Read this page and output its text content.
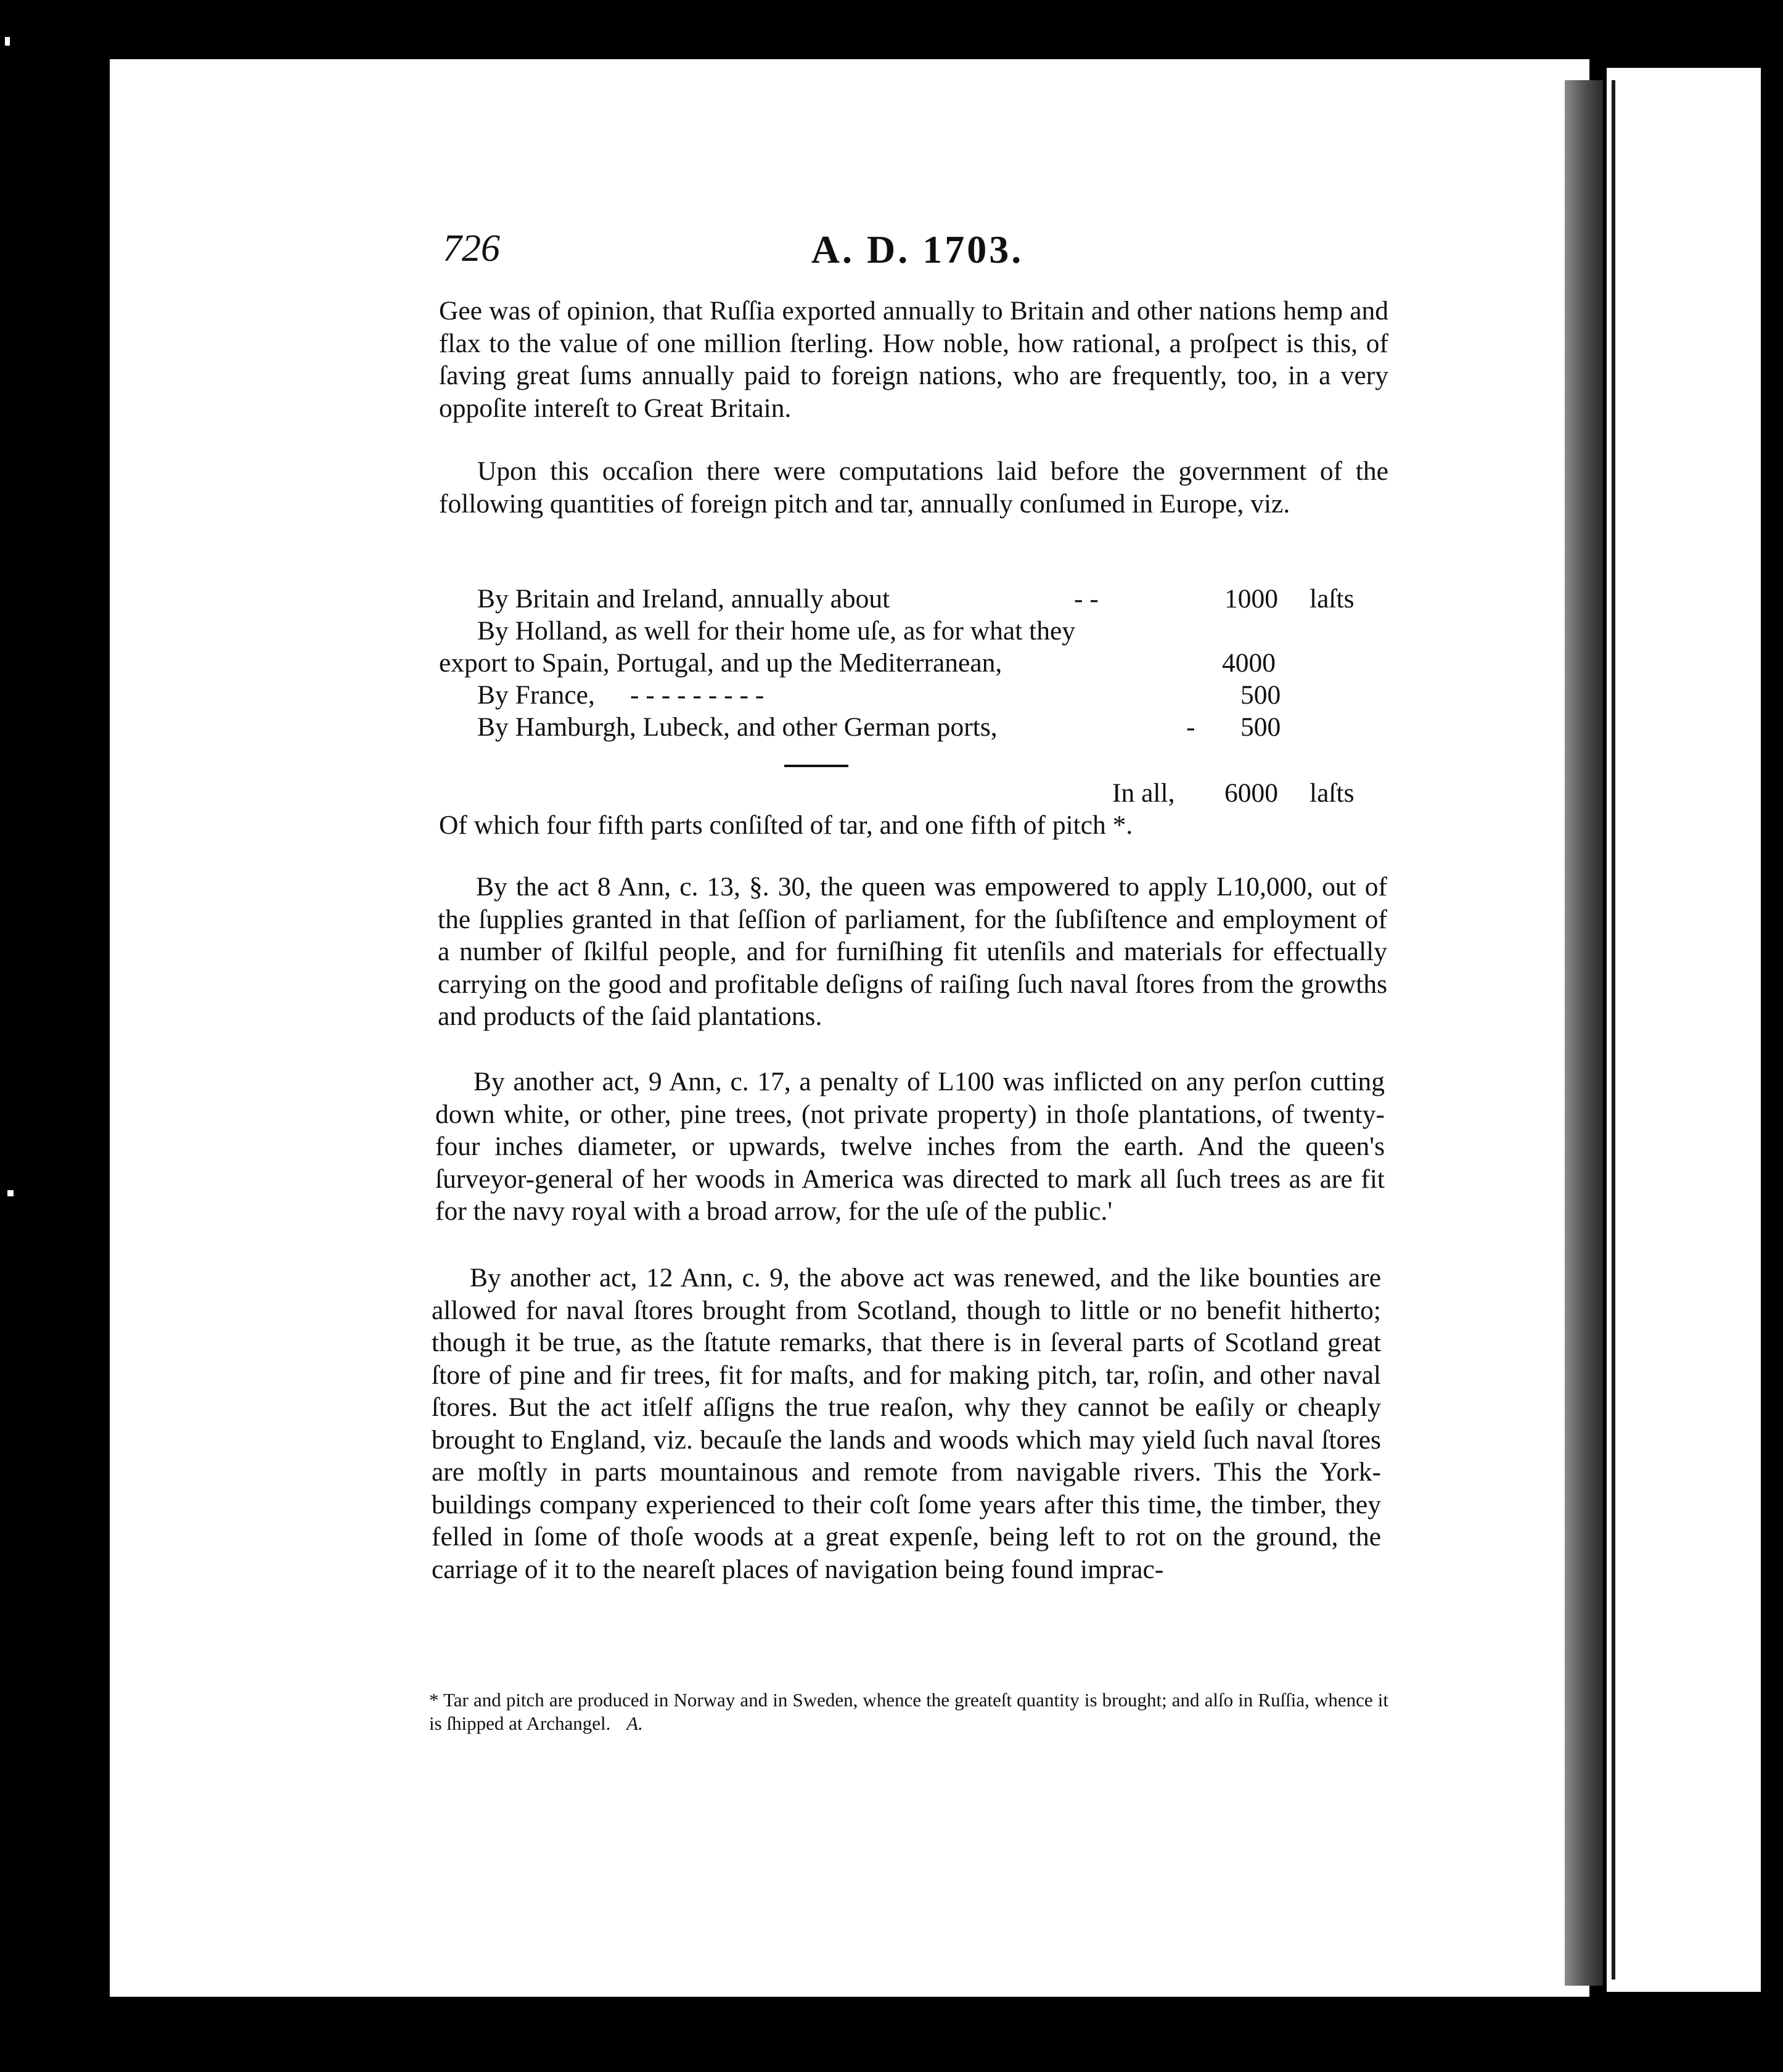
726	A. D. 1703.

Gee was of opinion, that Ruſſia exported annually to Britain and other nations hemp and flax to the value of one million ſterling. How noble, how rational, a proſpect is this, of ſaving great ſums annually paid to foreign nations, who are frequently, too, in a very oppoſite intereſt to Great Britain.

Upon this occaſion there were computations laid before the government of the following quantities of foreign pitch and tar, annually conſumed in Europe, viz.

By Britain and Ireland, annually about	- -	1000 laſts
By Holland, as well for their home uſe, as for what they
export to Spain, Portugal, and up the Mediterranean,	4000
By France, - - - - - - - - -	500
By Hamburgh, Lubeck, and other German ports,	-	500
In all, 6000 laſts

Of which four fifth parts conſiſted of tar, and one fifth of pitch *.

By the act 8 Ann, c. 13, §. 30, the queen was empowered to apply L10,000, out of the ſupplies granted in that ſeſſion of parliament, for the ſubſiſtence and employment of a number of ſkilful people, and for furniſhing fit utenſils and materials for effectually carrying on the good and profitable deſigns of raiſing ſuch naval ſtores from the growths and products of the ſaid plantations.

By another act, 9 Ann, c. 17, a penalty of L100 was inflicted on any perſon cutting down white, or other, pine trees, (not private property) in thoſe plantations, of twenty-four inches diameter, or upwards, twelve inches from the earth. And the queen's ſurveyor-general of her woods in America was directed to mark all ſuch trees as are fit for the navy royal with a broad arrow, for the uſe of the public.'

By another act, 12 Ann, c. 9, the above act was renewed, and the like bounties are allowed for naval ſtores brought from Scotland, though to little or no benefit hitherto; though it be true, as the ſtatute remarks, that there is in ſeveral parts of Scotland great ſtore of pine and fir trees, fit for maſts, and for making pitch, tar, roſin, and other naval ſtores. But the act itſelf aſſigns the true reaſon, why they cannot be eaſily or cheaply brought to England, viz. becauſe the lands and woods which may yield ſuch naval ſtores are moſtly in parts mountainous and remote from navigable rivers. This the York-buildings company experienced to their coſt ſome years after this time, the timber, they felled in ſome of thoſe woods at a great expenſe, being left to rot on the ground, the carriage of it to the neareſt places of navigation being found imprac-

* Tar and pitch are produced in Norway and in Sweden, whence the greateſt quantity is brought; and alſo in Ruſſia, whence it is ſhipped at Archangel. A.
